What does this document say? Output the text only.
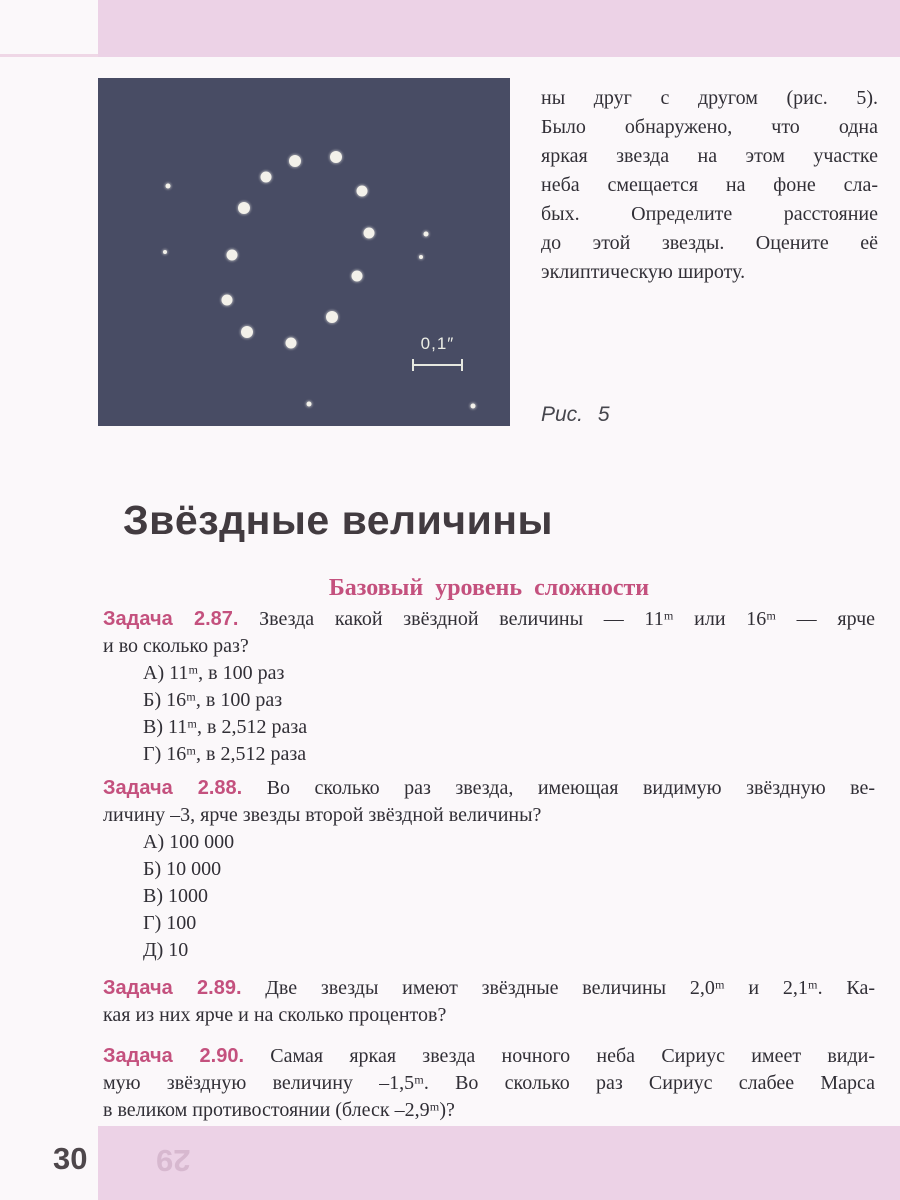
0,1″
ны друг с другом (рис. 5).
Было обнаружено, что одна
яркая звезда на этом участке
неба смещается на фоне сла-
бых. Определите расстояние
до этой звезды. Оцените её
эклиптическую широту.
Рис. 5
Звёздные величины
Базовый уровень сложности
Задача 2.87. Звезда какой звёздной величины — 11ᵐ или 16ᵐ — ярче
и во сколько раз?
А) 11ᵐ, в 100 раз
Б) 16ᵐ, в 100 раз
В) 11ᵐ, в 2,512 раза
Г) 16ᵐ, в 2,512 раза
Задача 2.88. Во сколько раз звезда, имеющая видимую звёздную ве-
личину –3, ярче звезды второй звёздной величины?
А) 100 000
Б) 10 000
В) 1000
Г) 100
Д) 10
Задача 2.89. Две звезды имеют звёздные величины 2,0ᵐ и 2,1ᵐ. Ка-
кая из них ярче и на сколько процентов?
Задача 2.90. Самая яркая звезда ночного неба Сириус имеет види-
мую звёздную величину –1,5ᵐ. Во сколько раз Сириус слабее Марса
в великом противостоянии (блеск –2,9ᵐ)?
29
30
